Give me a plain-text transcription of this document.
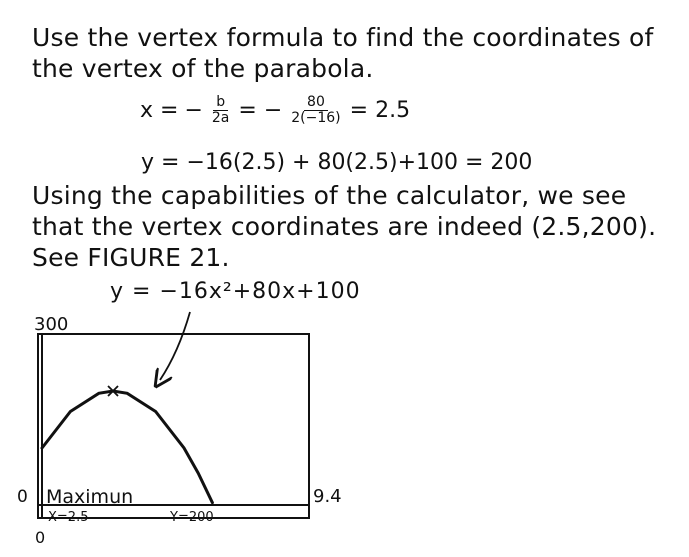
Use the vertex formula to find the coordinates of the vertex of the parabola.

x = − $\frac{b}{2a}$ = − $\frac{80}{2(-16)} = 2.5$
y = −16(2.5) + 80(2.5)+100 = 200

Using the capabilities of the calculator, we see that the vertex coordinates are indeed (2.5,200). See FIGURE 21.

y = −16x²+80x+100
300
0
0
9.4
Maximun
X=2.5	Y=200
